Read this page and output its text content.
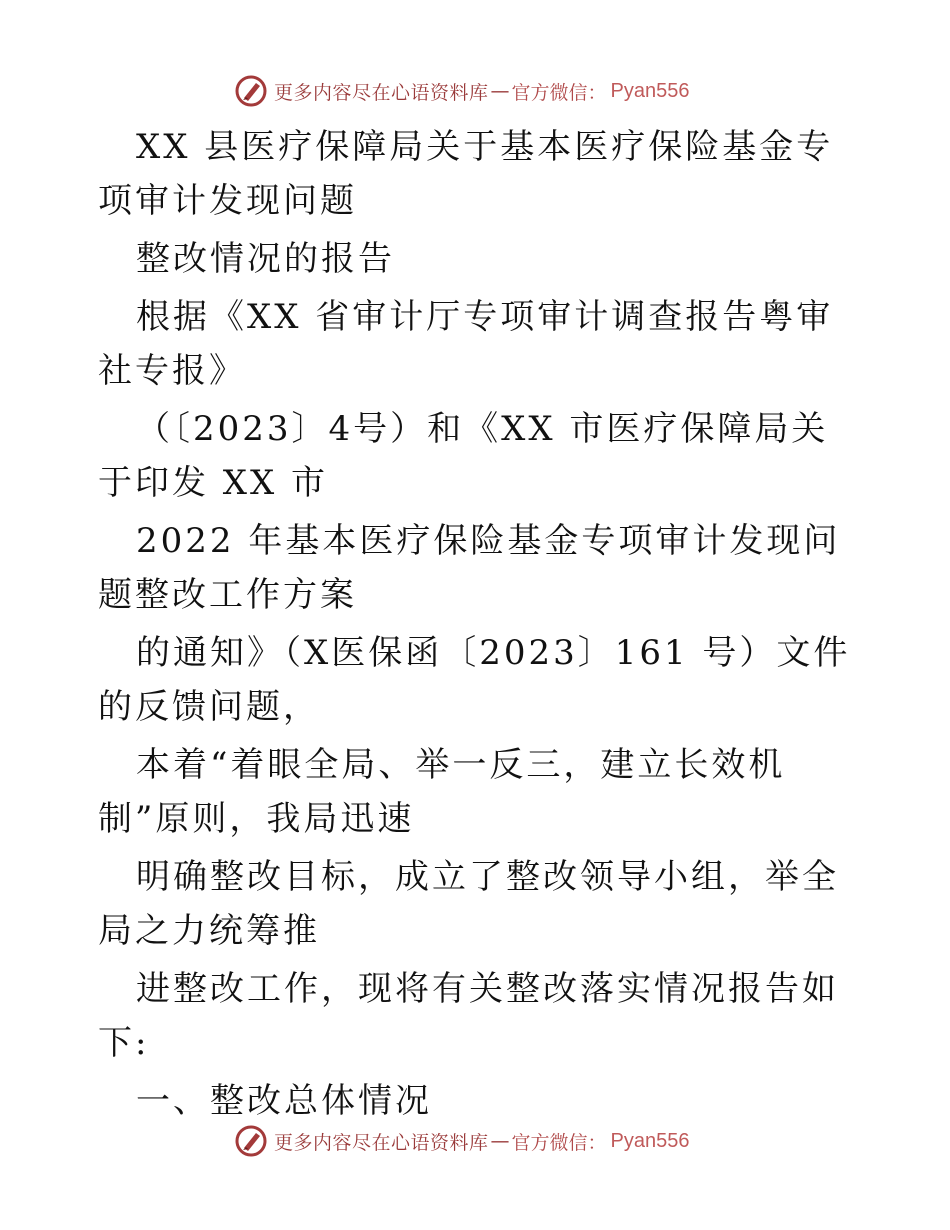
更多内容尽在心语资料库 — 官方微信： Pyan556

XX 县医疗保障局关于基本医疗保险基金专项审计发现问题

整改情况的报告

根据《XX 省审计厅专项审计调查报告粤审社专报》

（〔2023〕4号）和《XX 市医疗保障局关于印发 XX 市

2022 年基本医疗保险基金专项审计发现问题整改工作方案

的通知》（X医保函〔2023〕161 号）文件的反馈问题，

本着“着眼全局、举一反三，建立长效机制”原则，我局迅速

明确整改目标，成立了整改领导小组，举全局之力统筹推

进整改工作，现将有关整改落实情况报告如下:

一、整改总体情况

更多内容尽在心语资料库 — 官方微信： Pyan556
